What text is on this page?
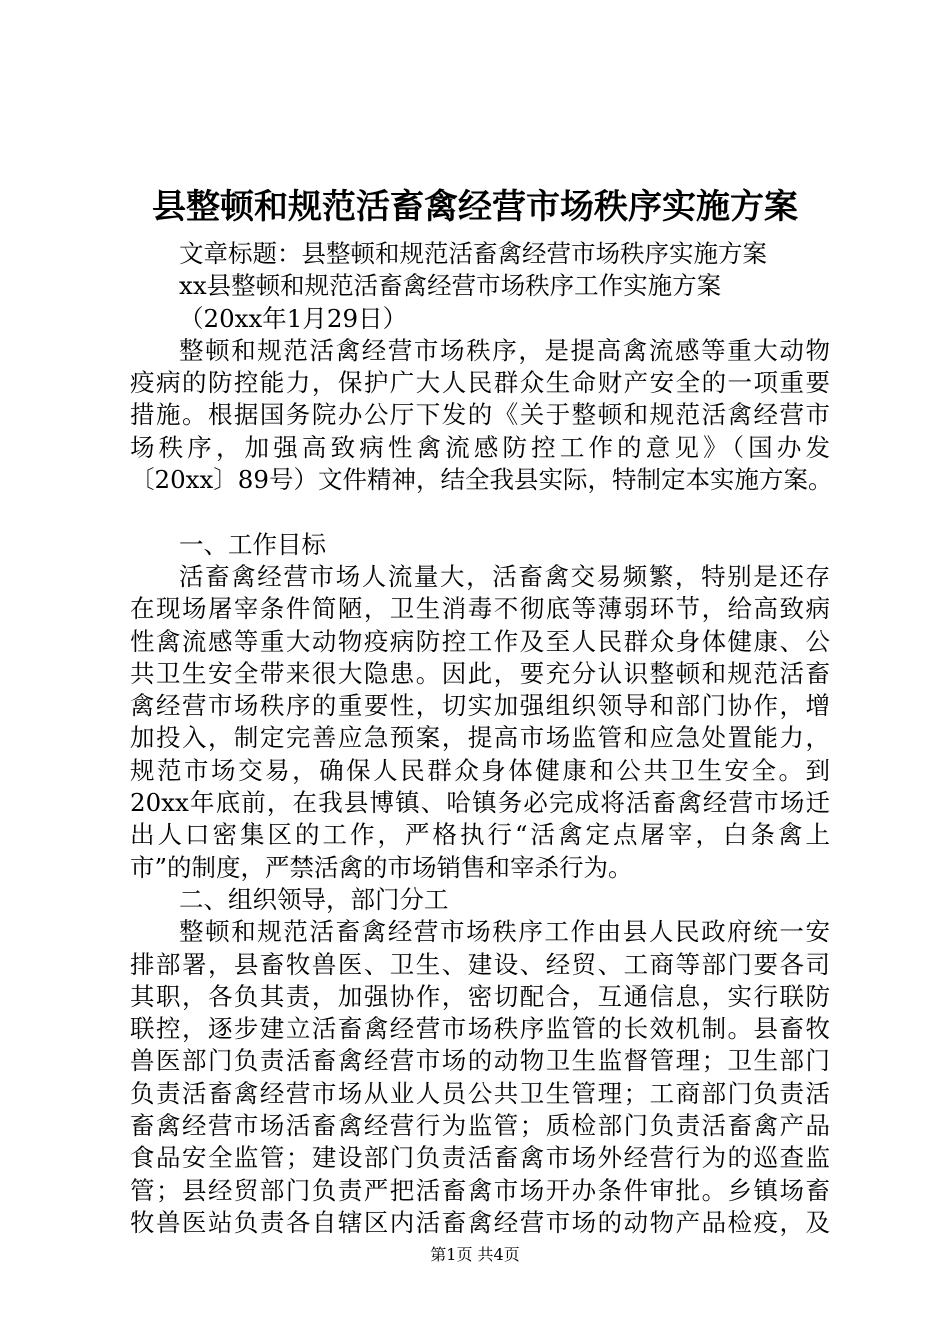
县整顿和规范活畜禽经营市场秩序实施方案
文章标题：县整顿和规范活畜禽经营市场秩序实施方案
xx县整顿和规范活畜禽经营市场秩序工作实施方案
（20xx年1月29日）
整顿和规范活禽经营市场秩序，是提高禽流感等重大动物
疫病的防控能力，保护广大人民群众生命财产安全的一项重要
措施。根据国务院办公厅下发的《关于整顿和规范活禽经营市
场秩序，加强高致病性禽流感防控工作的意见》（国办发
〔20xx〕89号）文件精神，结全我县实际，特制定本实施方案。
一、工作目标
活畜禽经营市场人流量大，活畜禽交易频繁，特别是还存
在现场屠宰条件简陋，卫生消毒不彻底等薄弱环节，给高致病
性禽流感等重大动物疫病防控工作及至人民群众身体健康、公
共卫生安全带来很大隐患。因此，要充分认识整顿和规范活畜
禽经营市场秩序的重要性，切实加强组织领导和部门协作，增
加投入，制定完善应急预案，提高市场监管和应急处置能力，
规范市场交易，确保人民群众身体健康和公共卫生安全。到
20xx年底前，在我县博镇、哈镇务必完成将活畜禽经营市场迁
出人口密集区的工作，严格执行“活禽定点屠宰，白条禽上
市”的制度，严禁活禽的市场销售和宰杀行为。
二、组织领导，部门分工
整顿和规范活畜禽经营市场秩序工作由县人民政府统一安
排部署，县畜牧兽医、卫生、建设、经贸、工商等部门要各司
其职，各负其责，加强协作，密切配合，互通信息，实行联防
联控，逐步建立活畜禽经营市场秩序监管的长效机制。县畜牧
兽医部门负责活畜禽经营市场的动物卫生监督管理；卫生部门
负责活畜禽经营市场从业人员公共卫生管理；工商部门负责活
畜禽经营市场活畜禽经营行为监管；质检部门负责活畜禽产品
食品安全监管；建设部门负责活畜禽市场外经营行为的巡查监
管；县经贸部门负责严把活畜禽市场开办条件审批。乡镇场畜
牧兽医站负责各自辖区内活畜禽经营市场的动物产品检疫，及
第1页 共4页
